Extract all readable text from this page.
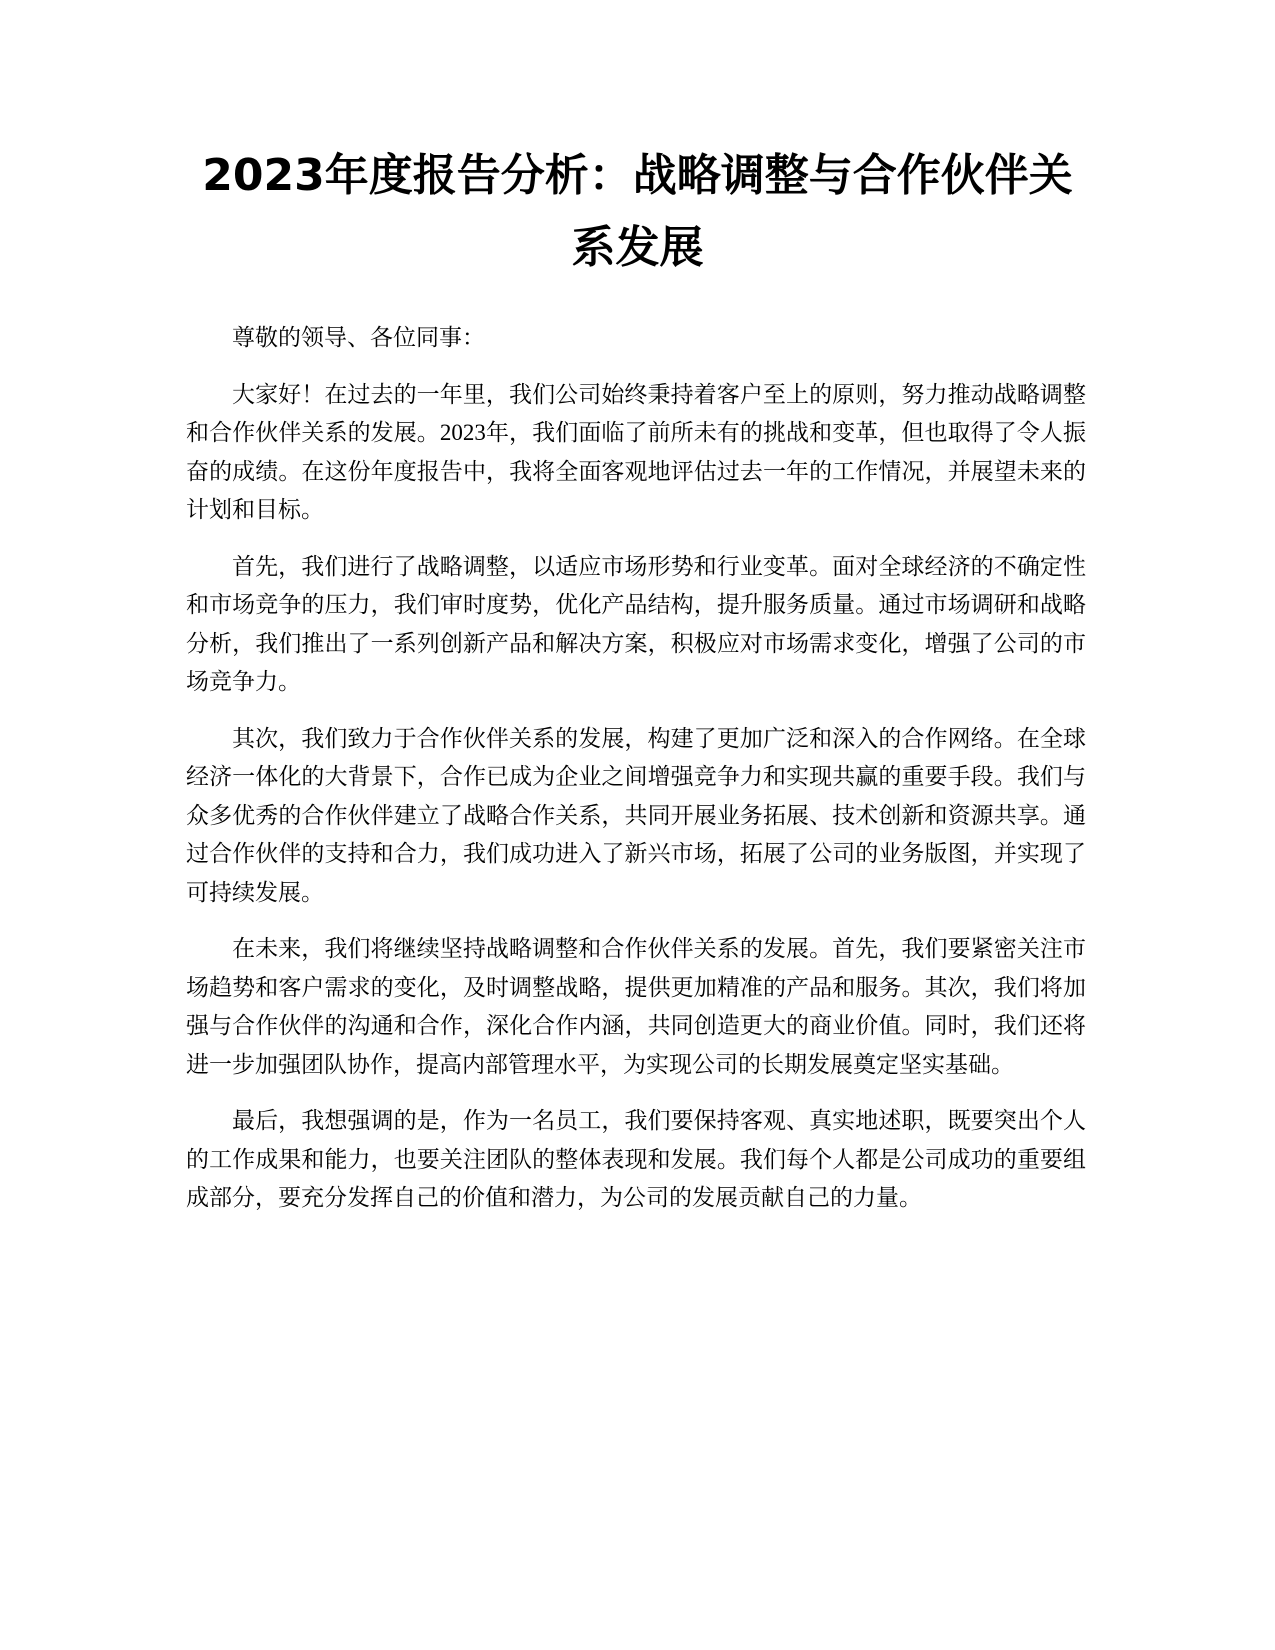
2023年度报告分析：战略调整与合作伙伴关
系发展

尊敬的领导、各位同事：

大家好！在过去的一年里，我们公司始终秉持着客户至上的原则，努力推动战略调整和合作伙伴关系的发展。2023年，我们面临了前所未有的挑战和变革，但也取得了令人振奋的成绩。在这份年度报告中，我将全面客观地评估过去一年的工作情况，并展望未来的计划和目标。

首先，我们进行了战略调整，以适应市场形势和行业变革。面对全球经济的不确定性和市场竞争的压力，我们审时度势，优化产品结构，提升服务质量。通过市场调研和战略分析，我们推出了一系列创新产品和解决方案，积极应对市场需求变化，增强了公司的市场竞争力。

其次，我们致力于合作伙伴关系的发展，构建了更加广泛和深入的合作网络。在全球经济一体化的大背景下，合作已成为企业之间增强竞争力和实现共赢的重要手段。我们与众多优秀的合作伙伴建立了战略合作关系，共同开展业务拓展、技术创新和资源共享。通过合作伙伴的支持和合力，我们成功进入了新兴市场，拓展了公司的业务版图，并实现了可持续发展。

在未来，我们将继续坚持战略调整和合作伙伴关系的发展。首先，我们要紧密关注市场趋势和客户需求的变化，及时调整战略，提供更加精准的产品和服务。其次，我们将加强与合作伙伴的沟通和合作，深化合作内涵，共同创造更大的商业价值。同时，我们还将进一步加强团队协作，提高内部管理水平，为实现公司的长期发展奠定坚实基础。

最后，我想强调的是，作为一名员工，我们要保持客观、真实地述职，既要突出个人的工作成果和能力，也要关注团队的整体表现和发展。我们每个人都是公司成功的重要组成部分，要充分发挥自己的价值和潜力，为公司的发展贡献自己的力量。
